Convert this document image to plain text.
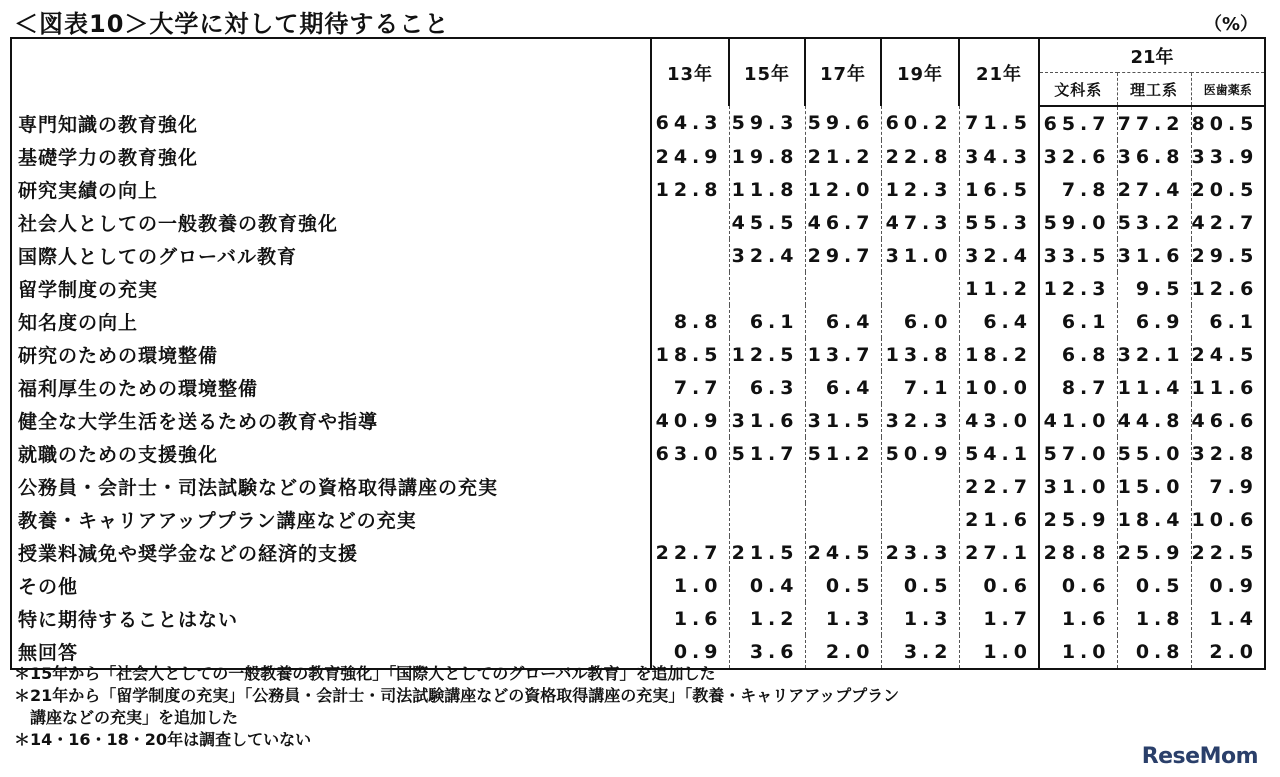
＜図表10＞大学に対して期待すること	（%）
	13年	15年	17年	19年	21年	21年		
						文科系	理工系	医歯薬系
専門知識の教育強化	64.3	59.3	59.6	60.2	71.5	65.7	77.2	80.5
基礎学力の教育強化	24.9	19.8	21.2	22.8	34.3	32.6	36.8	33.9
研究実績の向上	12.8	11.8	12.0	12.3	16.5	7.8	27.4	20.5
社会人としての一般教養の教育強化		45.5	46.7	47.3	55.3	59.0	53.2	42.7
国際人としてのグローバル教育		32.4	29.7	31.0	32.4	33.5	31.6	29.5
留学制度の充実					11.2	12.3	9.5	12.6
知名度の向上	8.8	6.1	6.4	6.0	6.4	6.1	6.9	6.1
研究のための環境整備	18.5	12.5	13.7	13.8	18.2	6.8	32.1	24.5
福利厚生のための環境整備	7.7	6.3	6.4	7.1	10.0	8.7	11.4	11.6
健全な大学生活を送るための教育や指導	40.9	31.6	31.5	32.3	43.0	41.0	44.8	46.6
就職のための支援強化	63.0	51.7	51.2	50.9	54.1	57.0	55.0	32.8
公務員・会計士・司法試験などの資格取得講座の充実					22.7	31.0	15.0	7.9
教養・キャリアアッププラン講座などの充実					21.6	25.9	18.4	10.6
授業料減免や奨学金などの経済的支援	22.7	21.5	24.5	23.3	27.1	28.8	25.9	22.5
その他	1.0	0.4	0.5	0.5	0.6	0.6	0.5	0.9
特に期待することはない	1.6	1.2	1.3	1.3	1.7	1.6	1.8	1.4
無回答	0.9	3.6	2.0	3.2	1.0	1.0	0.8	2.0
＊15年から「社会人としての一般教養の教育強化」「国際人としてのグローバル教育」を追加した
＊21年から「留学制度の充実」「公務員・会計士・司法試験講座などの資格取得講座の充実」「教養・キャリアアッププラン
　講座などの充実」を追加した
＊14・16・18・20年は調査していない
ReseMom
